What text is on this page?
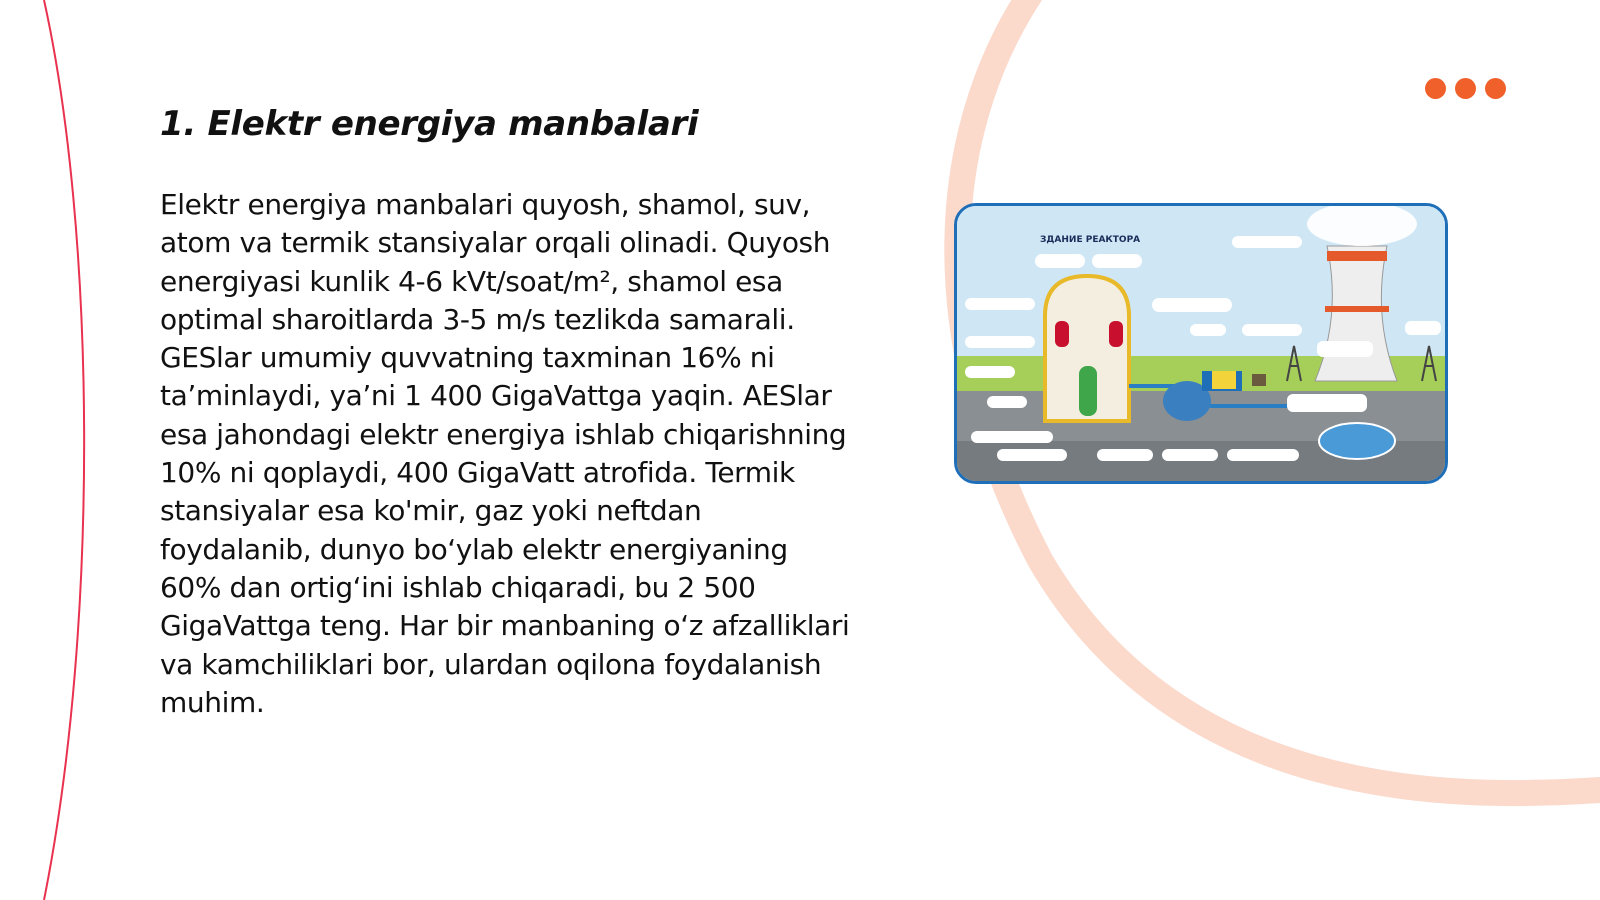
1. Elektr energiya manbalari

Elektr energiya manbalari quyosh, shamol, suv, atom va termik stansiyalar orqali olinadi. Quyosh energiyasi kunlik 4-6 kVt/soat/m², shamol esa optimal sharoitlarda 3-5 m/s tezlikda samarali. GESlar umumiy quvvatning taxminan 16% ni ta’minlaydi, ya’ni 1 400 GigaVattga yaqin. AESlar esa jahondagi elektr energiya ishlab chiqarishning 10% ni qoplaydi, 400 GigaVatt atrofida. Termik stansiyalar esa ko'mir, gaz yoki neftdan foydalanib, dunyo bo‘ylab elektr energiyaning 60% dan ortig‘ini ishlab chiqaradi, bu 2 500 GigaVattga teng. Har bir manbaning o‘z afzalliklari va kamchiliklari bor, ulardan oqilona foydalanish muhim.

ЗДАНИЕ РЕАКТОРА
